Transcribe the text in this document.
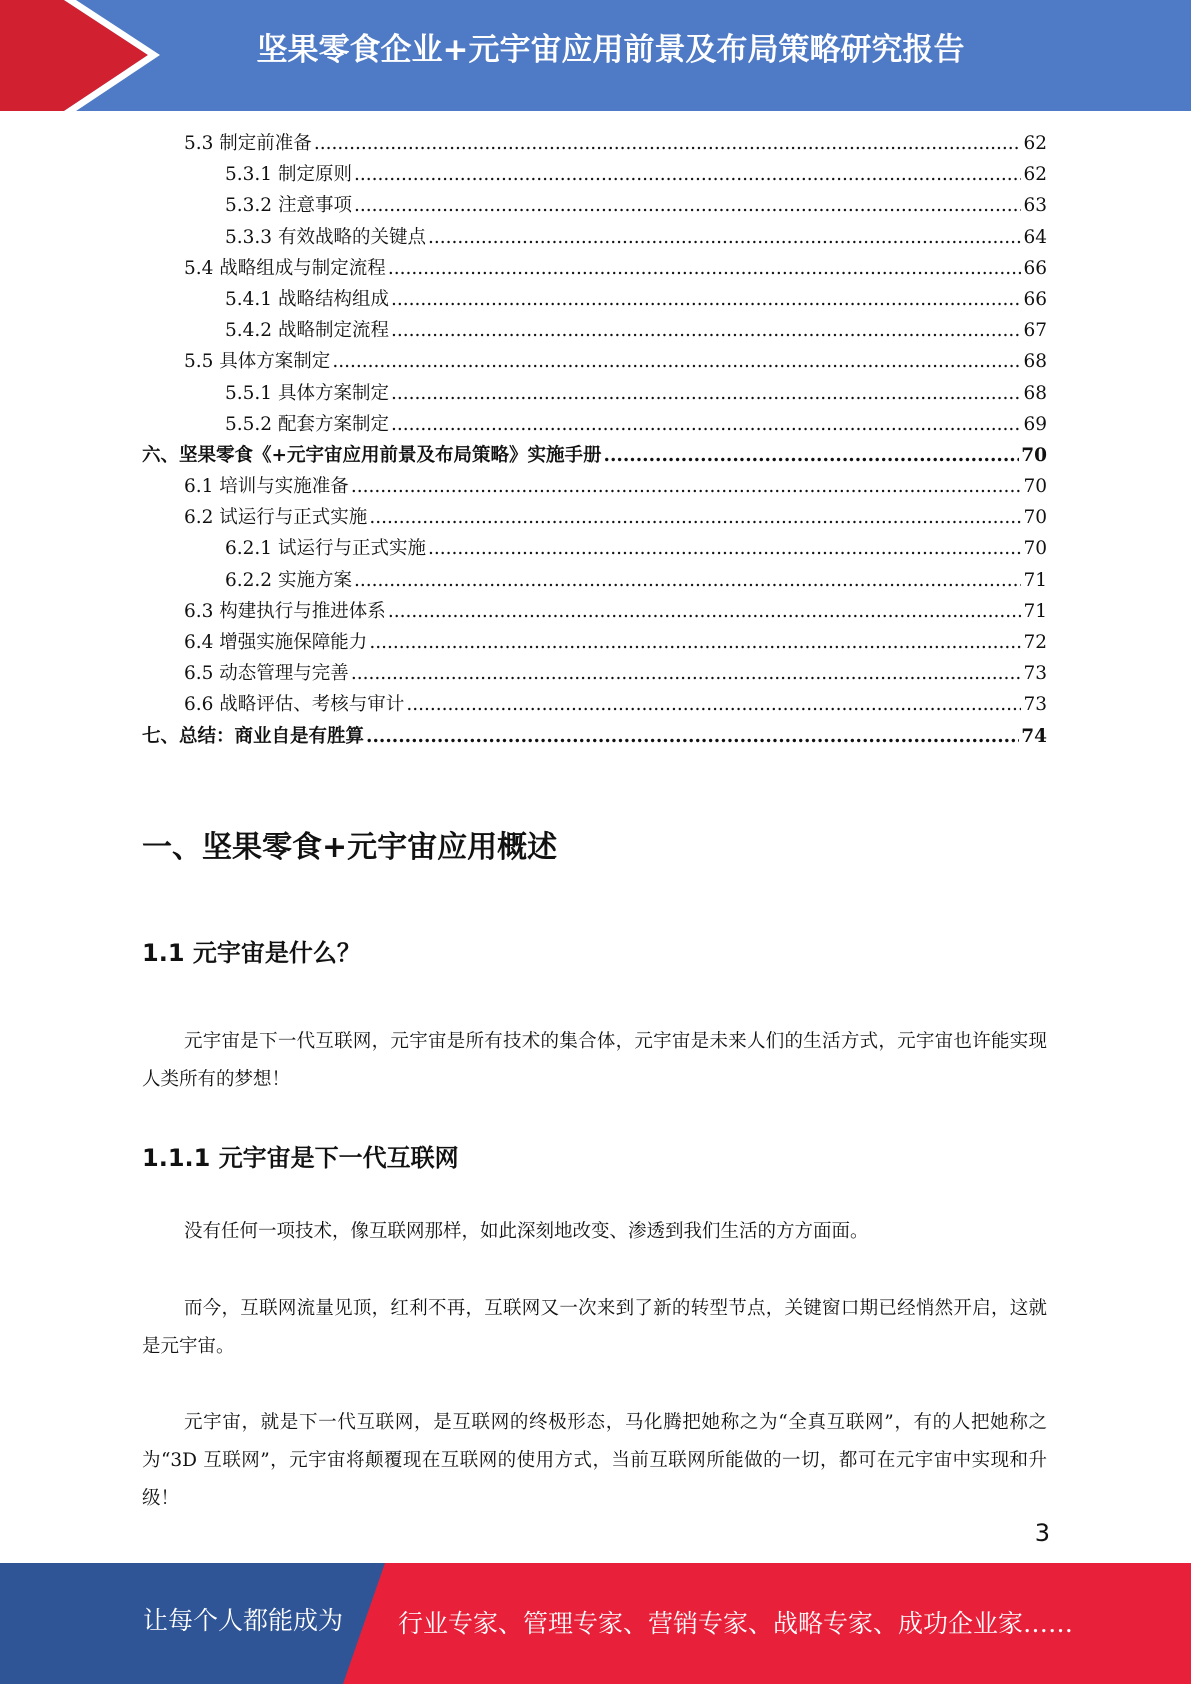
坚果零食企业+元宇宙应用前景及布局策略研究报告
5.3 制定前准备 .....	62
5.3.1 制定原则 .....	62
5.3.2 注意事项 .....	63
5.3.3 有效战略的关键点 .....	64
5.4 战略组成与制定流程 .....	66
5.4.1 战略结构组成 .....	66
5.4.2 战略制定流程 .....	67
5.5 具体方案制定 .....	68
5.5.1 具体方案制定 .....	68
5.5.2 配套方案制定 .....	69
六、坚果零食《+元宇宙应用前景及布局策略》实施手册 .....	70
6.1 培训与实施准备 .....	70
6.2 试运行与正式实施 .....	70
6.2.1 试运行与正式实施 .....	70
6.2.2 实施方案 .....	71
6.3 构建执行与推进体系 .....	71
6.4 增强实施保障能力 .....	72
6.5 动态管理与完善 .....	73
6.6 战略评估、考核与审计 .....	73
七、总结：商业自是有胜算 .....	74
一、坚果零食+元宇宙应用概述
1.1 元宇宙是什么？

元宇宙是下一代互联网，元宇宙是所有技术的集合体，元宇宙是未来人们的生活方式，元宇宙也许能实现人类所有的梦想！

1.1.1 元宇宙是下一代互联网

没有任何一项技术，像互联网那样，如此深刻地改变、渗透到我们生活的方方面面。

而今，互联网流量见顶，红利不再，互联网又一次来到了新的转型节点，关键窗口期已经悄然开启，这就是元宇宙。

元宇宙，就是下一代互联网，是互联网的终极形态，马化腾把她称之为“全真互联网”，有的人把她称之为“3D 互联网”，元宇宙将颠覆现在互联网的使用方式，当前互联网所能做的一切，都可在元宇宙中实现和升级！

3
让每个人都能成为 行业专家、管理专家、营销专家、战略专家、成功企业家……
